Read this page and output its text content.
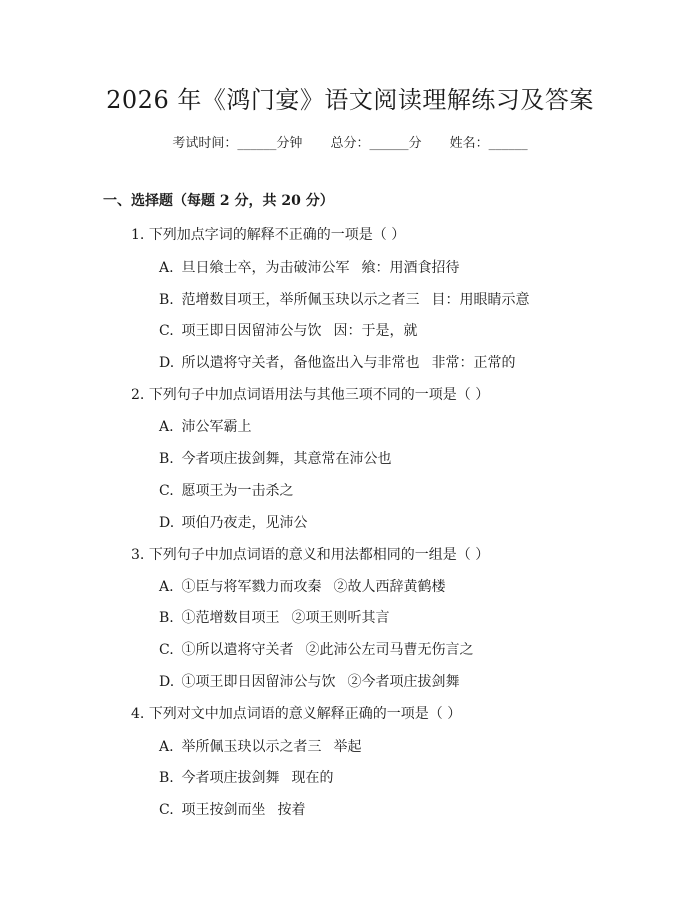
2026 年《鸿门宴》语文阅读理解练习及答案
考试时间：______分钟 总分：______分 姓名：______
一、选择题（每题 2 分，共 20 分）
1. 下列加点字词的解释不正确的一项是（ ）
A. 旦日飨士卒，为击破沛公军 飨：用酒食招待
B. 范增数目项王，举所佩玉玦以示之者三 目：用眼睛示意
C. 项王即日因留沛公与饮 因：于是，就
D. 所以遣将守关者，备他盗出入与非常也 非常：正常的
2. 下列句子中加点词语用法与其他三项不同的一项是（ ）
A. 沛公军霸上
B. 今者项庄拔剑舞，其意常在沛公也
C. 愿项王为一击杀之
D. 项伯乃夜走，见沛公
3. 下列句子中加点词语的意义和用法都相同的一组是（ ）
A. ①臣与将军戮力而攻秦 ②故人西辞黄鹤楼
B. ①范增数目项王 ②项王则听其言
C. ①所以遣将守关者 ②此沛公左司马曹无伤言之
D. ①项王即日因留沛公与饮 ②今者项庄拔剑舞
4. 下列对文中加点词语的意义解释正确的一项是（ ）
A. 举所佩玉玦以示之者三 举起
B. 今者项庄拔剑舞 现在的
C. 项王按剑而坐 按着
